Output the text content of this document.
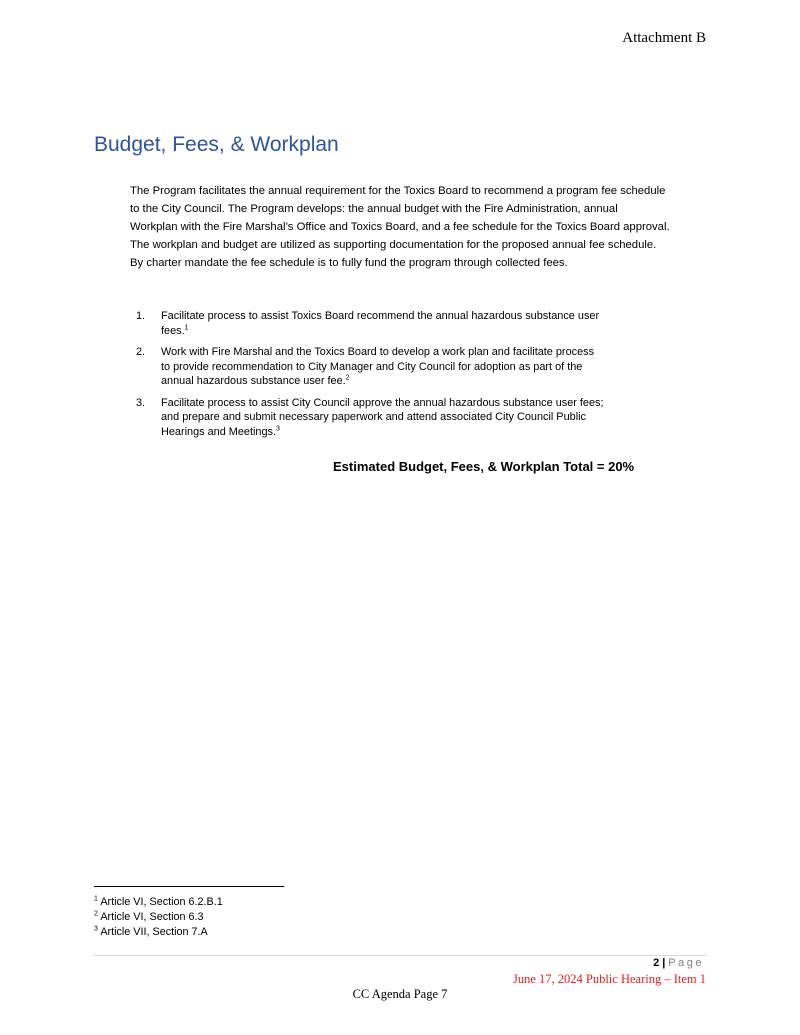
Attachment B
Budget, Fees, & Workplan

The Program facilitates the annual requirement for the Toxics Board to recommend a program fee schedule
to the City Council. The Program develops: the annual budget with the Fire Administration, annual
Workplan with the Fire Marshal’s Office and Toxics Board, and a fee schedule for the Toxics Board approval.
The workplan and budget are utilized as supporting documentation for the proposed annual fee schedule.
By charter mandate the fee schedule is to fully fund the program through collected fees.

1. Facilitate process to assist Toxics Board recommend the annual hazardous substance user
fees.$^1$
2. Work with Fire Marshal and the Toxics Board to develop a work plan and facilitate process
to provide recommendation to City Manager and City Council for adoption as part of the
annual hazardous substance user fee.$^2$
3. Facilitate process to assist City Council approve the annual hazardous substance user fees;
and prepare and submit necessary paperwork and attend associated City Council Public
Hearings and Meetings.$^3$
Estimated Budget, Fees, & Workplan Total = 20%
$^1$ Article VI, Section 6.2.B.1
$^2$ Article VI, Section 6.3
$^3$ Article VII, Section 7.A
2 | Page
June 17, 2024 Public Hearing – Item 1
CC Agenda Page 7
